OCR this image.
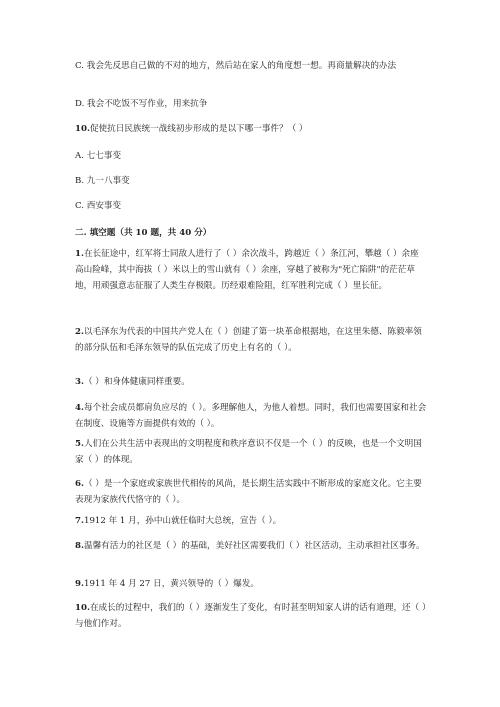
C. 我会先反思自己做的不对的地方，然后站在家人的角度想一想。再商量解决的办法
D. 我会不吃饭不写作业，用来抗争
10.促使抗日民族统一战线初步形成的是以下哪一事件？（ ）
A. 七七事变
B. 九一八事变
C. 西安事变
二. 填空题（共 10 题，共 40 分）
1.在长征途中，红军将士同敌人进行了（ ）余次战斗，跨越近（ ）条江河，攀越（ ）余座高山险峰，其中海拔（ ）米以上的雪山就有（ ）余座，穿越了被称为"死亡陷阱"的茫茫草地，用顽强意志征服了人类生存极限。历经艰难险阻，红军胜利完成（ ）里长征。
2.以毛泽东为代表的中国共产党人在（ ）创建了第一块革命根据地，在这里朱德、陈毅率领的部分队伍和毛泽东领导的队伍完成了历史上有名的（ ）。
3.（ ）和身体健康同样重要。
4.每个社会成员都肩负应尽的（ ）。多理解他人，为他人着想。同时，我们也需要国家和社会在制度、设施等方面提供有效的（ ）。
5.人们在公共生活中表现出的文明程度和秩序意识不仅是一个（ ）的反映，也是一个文明国家（ ）的体现。
6.（ ）是一个家庭或家族世代相传的风尚，是长期生活实践中不断形成的家庭文化。它主要表现为家族代代恪守的（ ）。
7.1912 年 1 月，孙中山就任临时大总统，宣告（ ）。
8.温馨有活力的社区是（ ）的基础，美好社区需要我们（ ）社区活动，主动承担社区事务。
9.1911 年 4 月 27 日，黄兴领导的（ ）爆发。
10.在成长的过程中，我们的（ ）逐渐发生了变化，有时甚至明知家人讲的话有道理，还（ ）与他们作对。
